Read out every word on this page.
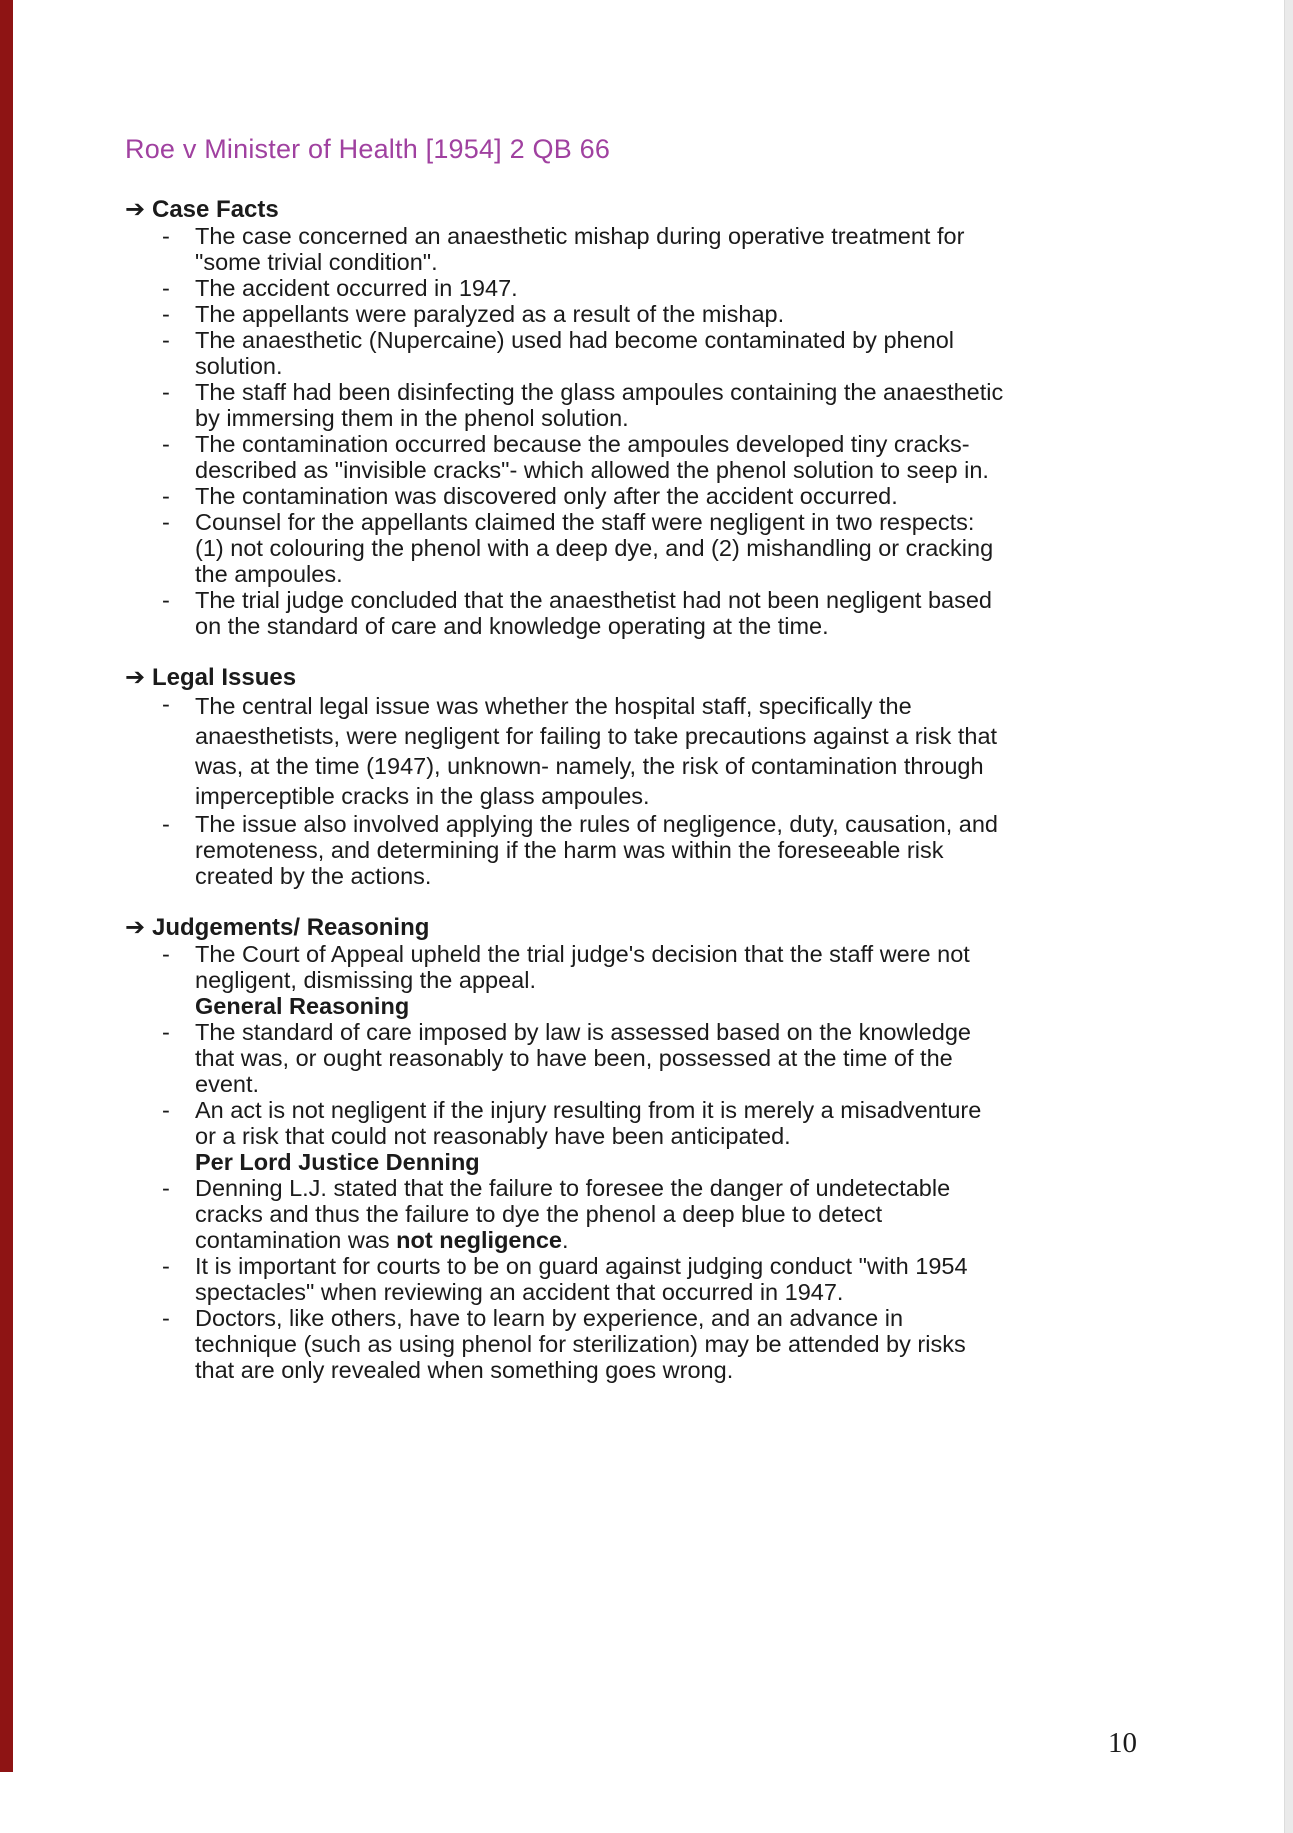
Roe v Minister of Health [1954] 2 QB 66
➔ Case Facts
-	The case concerned an anaesthetic mishap during operative treatment for
"some trivial condition".
-	The accident occurred in 1947.
-	The appellants were paralyzed as a result of the mishap.
-	The anaesthetic (Nupercaine) used had become contaminated by phenol
solution.
-	The staff had been disinfecting the glass ampoules containing the anaesthetic
by immersing them in the phenol solution.
-	The contamination occurred because the ampoules developed tiny cracks-
described as "invisible cracks"- which allowed the phenol solution to seep in.
-	The contamination was discovered only after the accident occurred.
-	Counsel for the appellants claimed the staff were negligent in two respects:
(1) not colouring the phenol with a deep dye, and (2) mishandling or cracking
the ampoules.
-	The trial judge concluded that the anaesthetist had not been negligent based
on the standard of care and knowledge operating at the time.
➔ Legal Issues
-	The central legal issue was whether the hospital staff, specifically the
anaesthetists, were negligent for failing to take precautions against a risk that
was, at the time (1947), unknown- namely, the risk of contamination through
imperceptible cracks in the glass ampoules.
-	The issue also involved applying the rules of negligence, duty, causation, and
remoteness, and determining if the harm was within the foreseeable risk
created by the actions.
➔ Judgements/ Reasoning
-	The Court of Appeal upheld the trial judge's decision that the staff were not
negligent, dismissing the appeal.
General Reasoning
-	The standard of care imposed by law is assessed based on the knowledge
that was, or ought reasonably to have been, possessed at the time of the
event.
-	An act is not negligent if the injury resulting from it is merely a misadventure
or a risk that could not reasonably have been anticipated.
Per Lord Justice Denning
-	Denning L.J. stated that the failure to foresee the danger of undetectable
cracks and thus the failure to dye the phenol a deep blue to detect
contamination was not negligence.
-	It is important for courts to be on guard against judging conduct "with 1954
spectacles" when reviewing an accident that occurred in 1947.
-	Doctors, like others, have to learn by experience, and an advance in
technique (such as using phenol for sterilization) may be attended by risks
that are only revealed when something goes wrong.
10
